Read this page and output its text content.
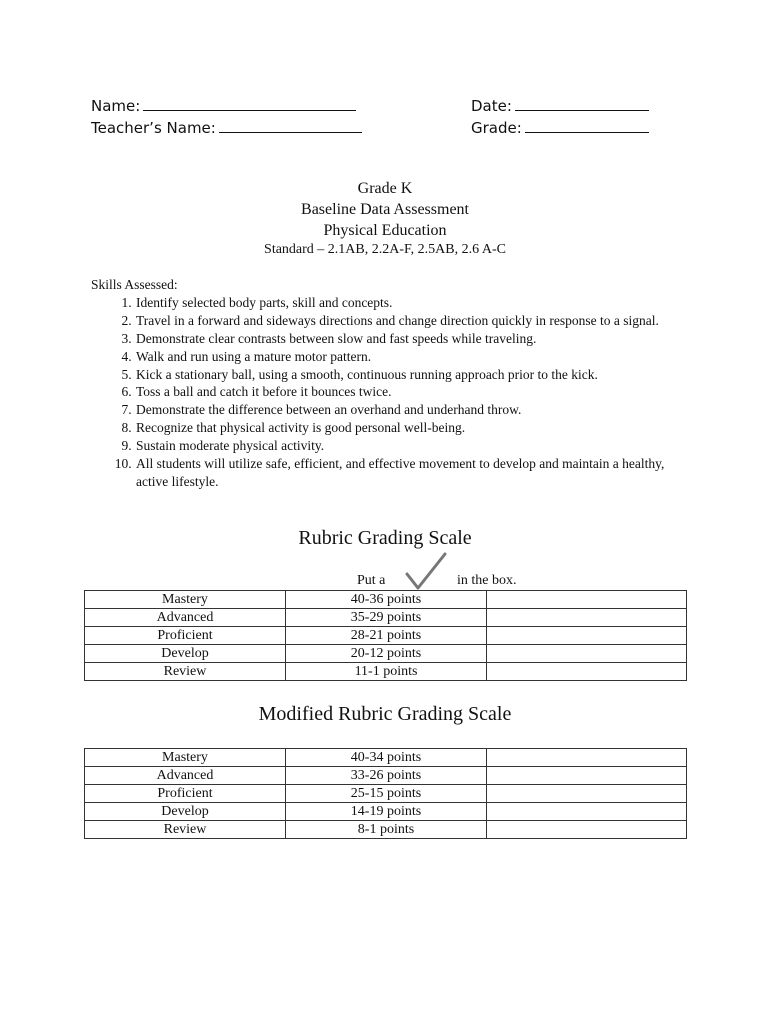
Name:
Teacher’s Name:
Date:
Grade:
Grade K
Baseline Data Assessment
Physical Education
Standard – 2.1AB, 2.2A-F, 2.5AB, 2.6 A-C
Skills Assessed:
1. Identify selected body parts, skill and concepts.
2. Travel in a forward and sideways directions and change direction quickly in response to a signal.
3. Demonstrate clear contrasts between slow and fast speeds while traveling.
4. Walk and run using a mature motor pattern.
5. Kick a stationary ball, using a smooth, continuous running approach prior to the kick.
6. Toss a ball and catch it before it bounces twice.
7. Demonstrate the difference between an overhand and underhand throw.
8. Recognize that physical activity is good personal well-being.
9. Sustain moderate physical activity.
10. All students will utilize safe, efficient, and effective movement to develop and maintain a healthy, active lifestyle.
Rubric Grading Scale
Put a	in the box.
Mastery	40-36 points	
Advanced	35-29 points	
Proficient	28-21 points	
Develop	20-12 points	
Review	11-1 points	
Modified Rubric Grading Scale
Mastery	40-34 points	
Advanced	33-26 points	
Proficient	25-15 points	
Develop	14-19 points	
Review	8-1 points	
